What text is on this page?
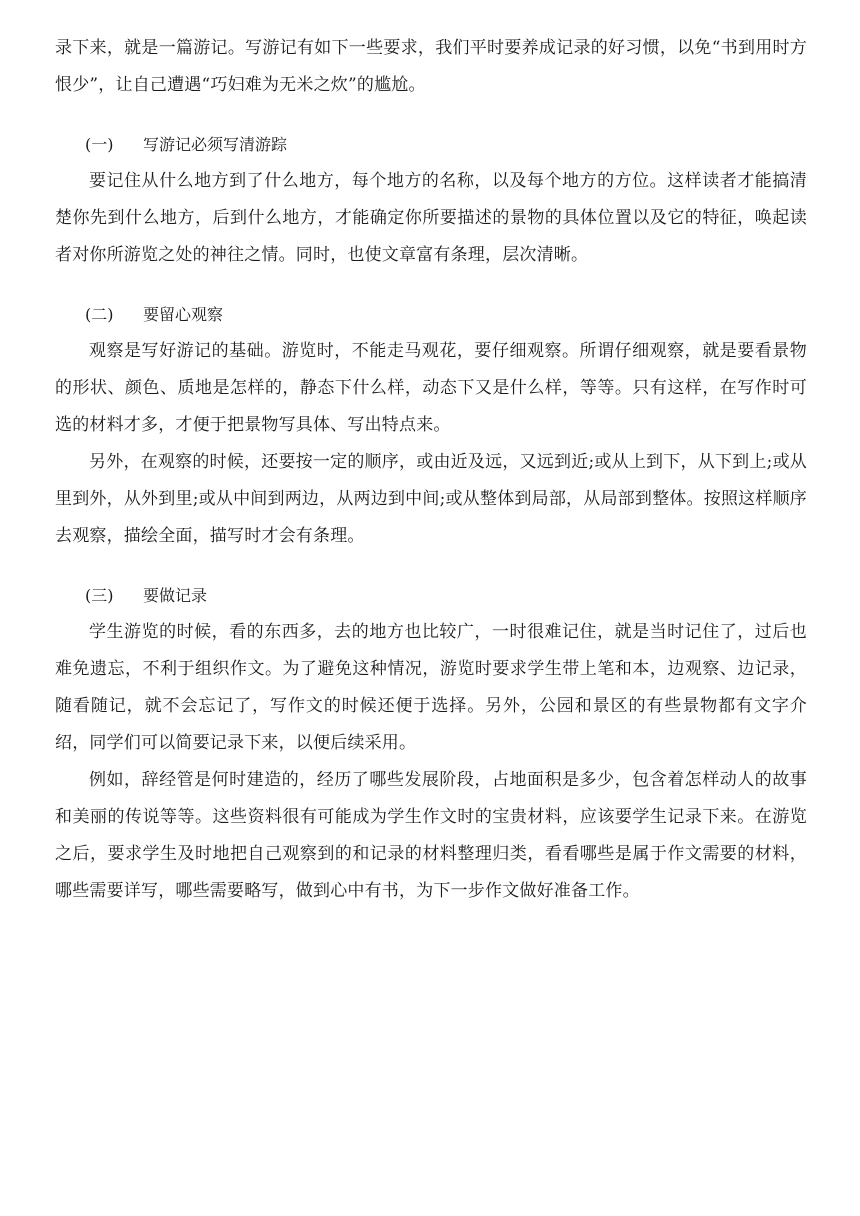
录下来，就是一篇游记。写游记有如下一些要求，我们平时要养成记录的好习惯，以免“书到用时方恨少”，让自己遭遇“巧妇难为无米之炊”的尴尬。

(一) 写游记必须写清游踪

要记住从什么地方到了什么地方，每个地方的名称，以及每个地方的方位。这样读者才能搞清楚你先到什么地方，后到什么地方，才能确定你所要描述的景物的具体位置以及它的特征，唤起读者对你所游览之处的神往之情。同时，也使文章富有条理，层次清晰。

(二) 要留心观察

观察是写好游记的基础。游览时，不能走马观花，要仔细观察。所谓仔细观察，就是要看景物的形状、颜色、质地是怎样的，静态下什么样，动态下又是什么样，等等。只有这样，在写作时可选的材料才多，才便于把景物写具体、写出特点来。

另外，在观察的时候，还要按一定的顺序，或由近及远，又远到近;或从上到下，从下到上;或从里到外，从外到里;或从中间到两边，从两边到中间;或从整体到局部，从局部到整体。按照这样顺序去观察，描绘全面，描写时才会有条理。

(三) 要做记录

学生游览的时候，看的东西多，去的地方也比较广，一时很难记住，就是当时记住了，过后也难免遗忘，不利于组织作文。为了避免这种情况，游览时要求学生带上笔和本，边观察、边记录，随看随记，就不会忘记了，写作文的时候还便于选择。另外，公园和景区的有些景物都有文字介绍，同学们可以简要记录下来，以便后续采用。

例如，辞经管是何时建造的，经历了哪些发展阶段，占地面积是多少，包含着怎样动人的故事和美丽的传说等等。这些资料很有可能成为学生作文时的宝贵材料，应该要学生记录下来。在游览之后，要求学生及时地把自己观察到的和记录的材料整理归类，看看哪些是属于作文需要的材料，哪些需要详写，哪些需要略写，做到心中有书，为下一步作文做好准备工作。
